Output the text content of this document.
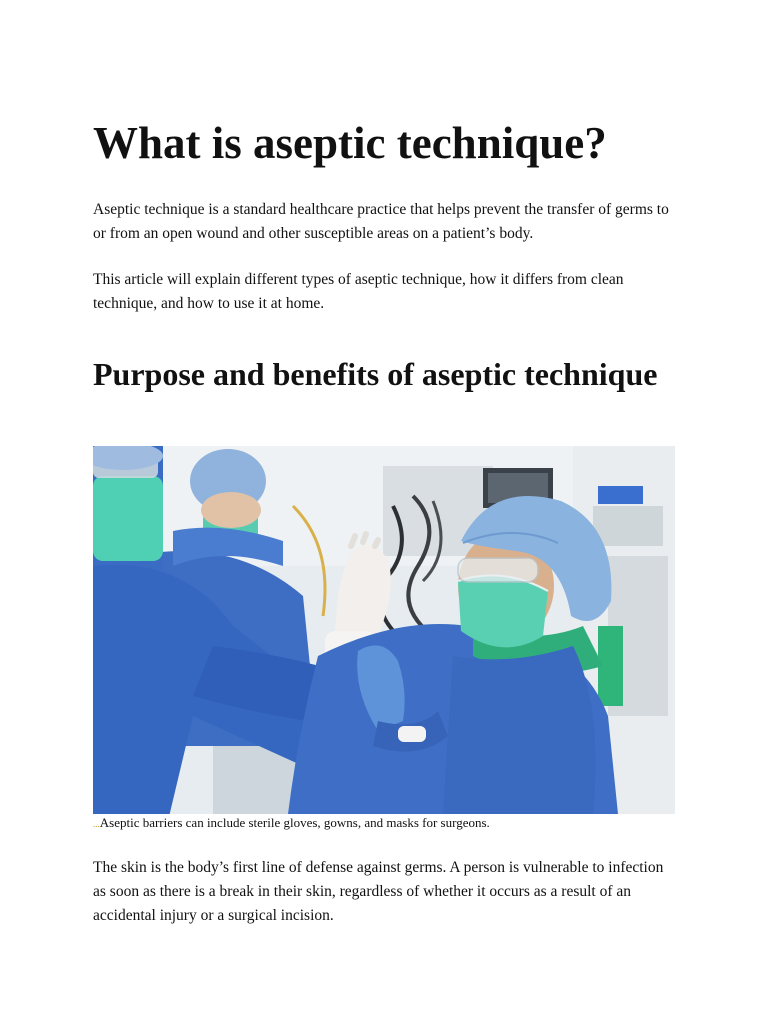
What is aseptic technique?

Aseptic technique is a standard healthcare practice that helps prevent the transfer of germs to or from an open wound and other susceptible areas on a patient’s body.

This article will explain different types of aseptic technique, how it differs from clean technique, and how to use it at home.

Purpose and benefits of aseptic technique

...Aseptic barriers can include sterile gloves, gowns, and masks for surgeons.

The skin is the body’s first line of defense against germs. A person is vulnerable to infection as soon as there is a break in their skin, regardless of whether it occurs as a result of an accidental injury or a surgical incision.
